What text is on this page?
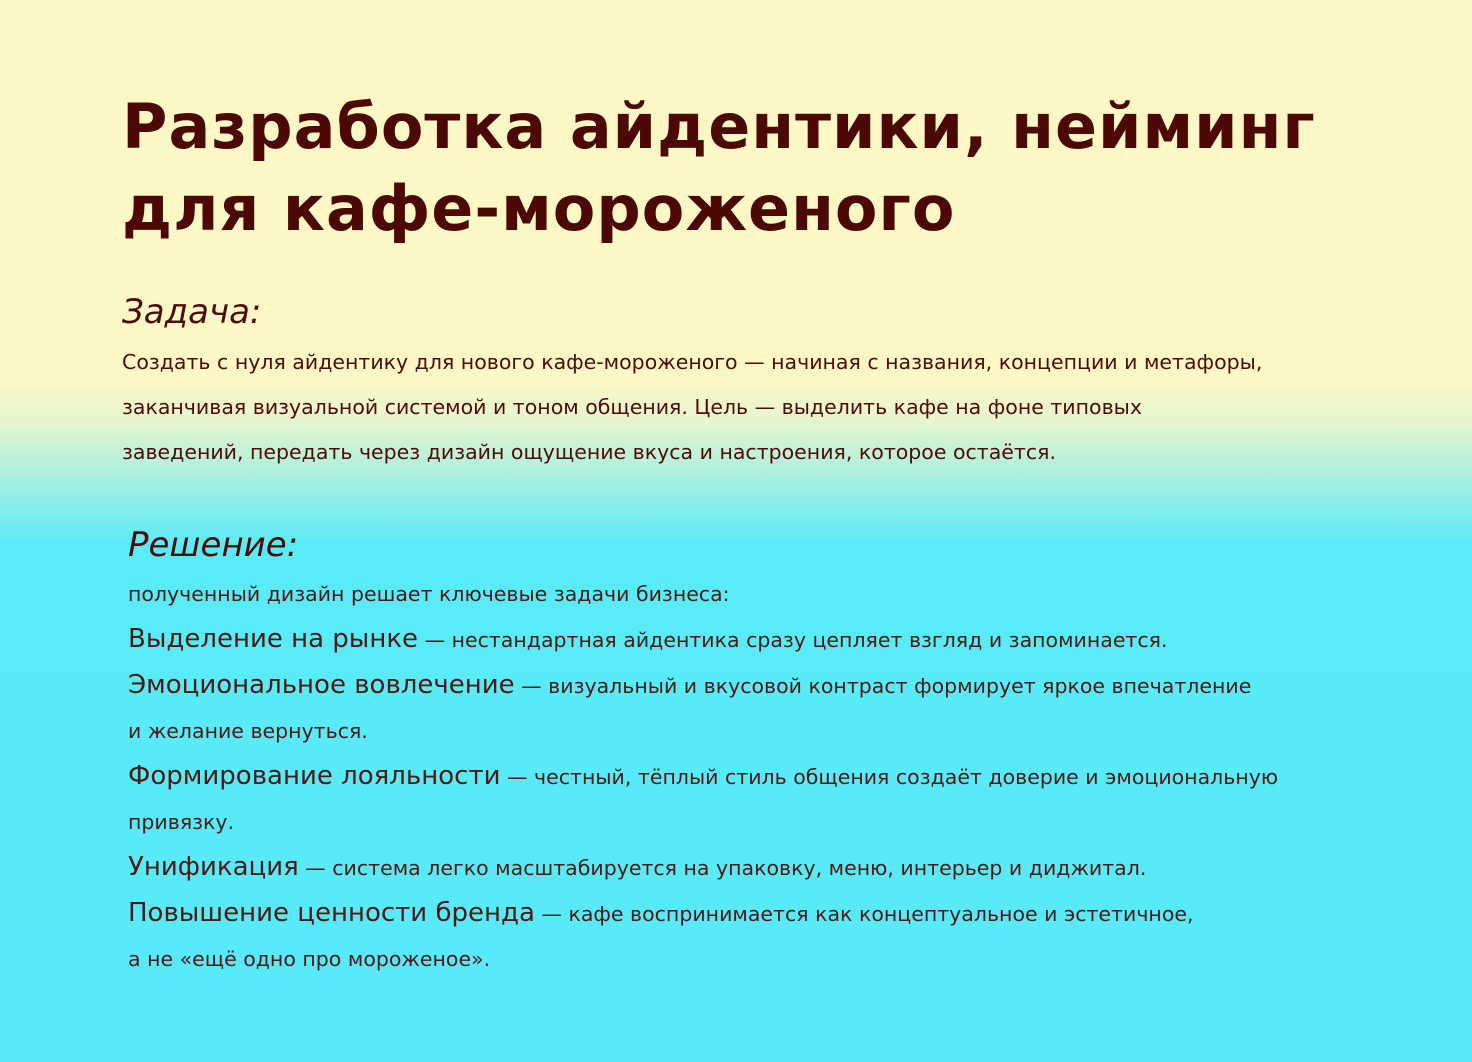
Разработка айдентики, нейминг
для кафе-мороженого
Задача:
Создать с нуля айдентику для нового кафе-мороженого — начиная с названия, концепции и метафоры,
заканчивая визуальной системой и тоном общения. Цель — выделить кафе на фоне типовых
заведений, передать через дизайн ощущение вкуса и настроения, которое остаётся.
Решение:

полученный дизайн решает ключевые задачи бизнеса:

Выделение на рынке — нестандартная айдентика сразу цепляет взгляд и запоминается.

Эмоциональное вовлечение — визуальный и вкусовой контраст формирует яркое впечатление

и желание вернуться.

Формирование лояльности — честный, тёплый стиль общения создаёт доверие и эмоциональную

привязку.

Унификация — система легко масштабируется на упаковку, меню, интерьер и диджитал.

Повышение ценности бренда — кафе воспринимается как концептуальное и эстетичное,

а не «ещё одно про мороженое».
